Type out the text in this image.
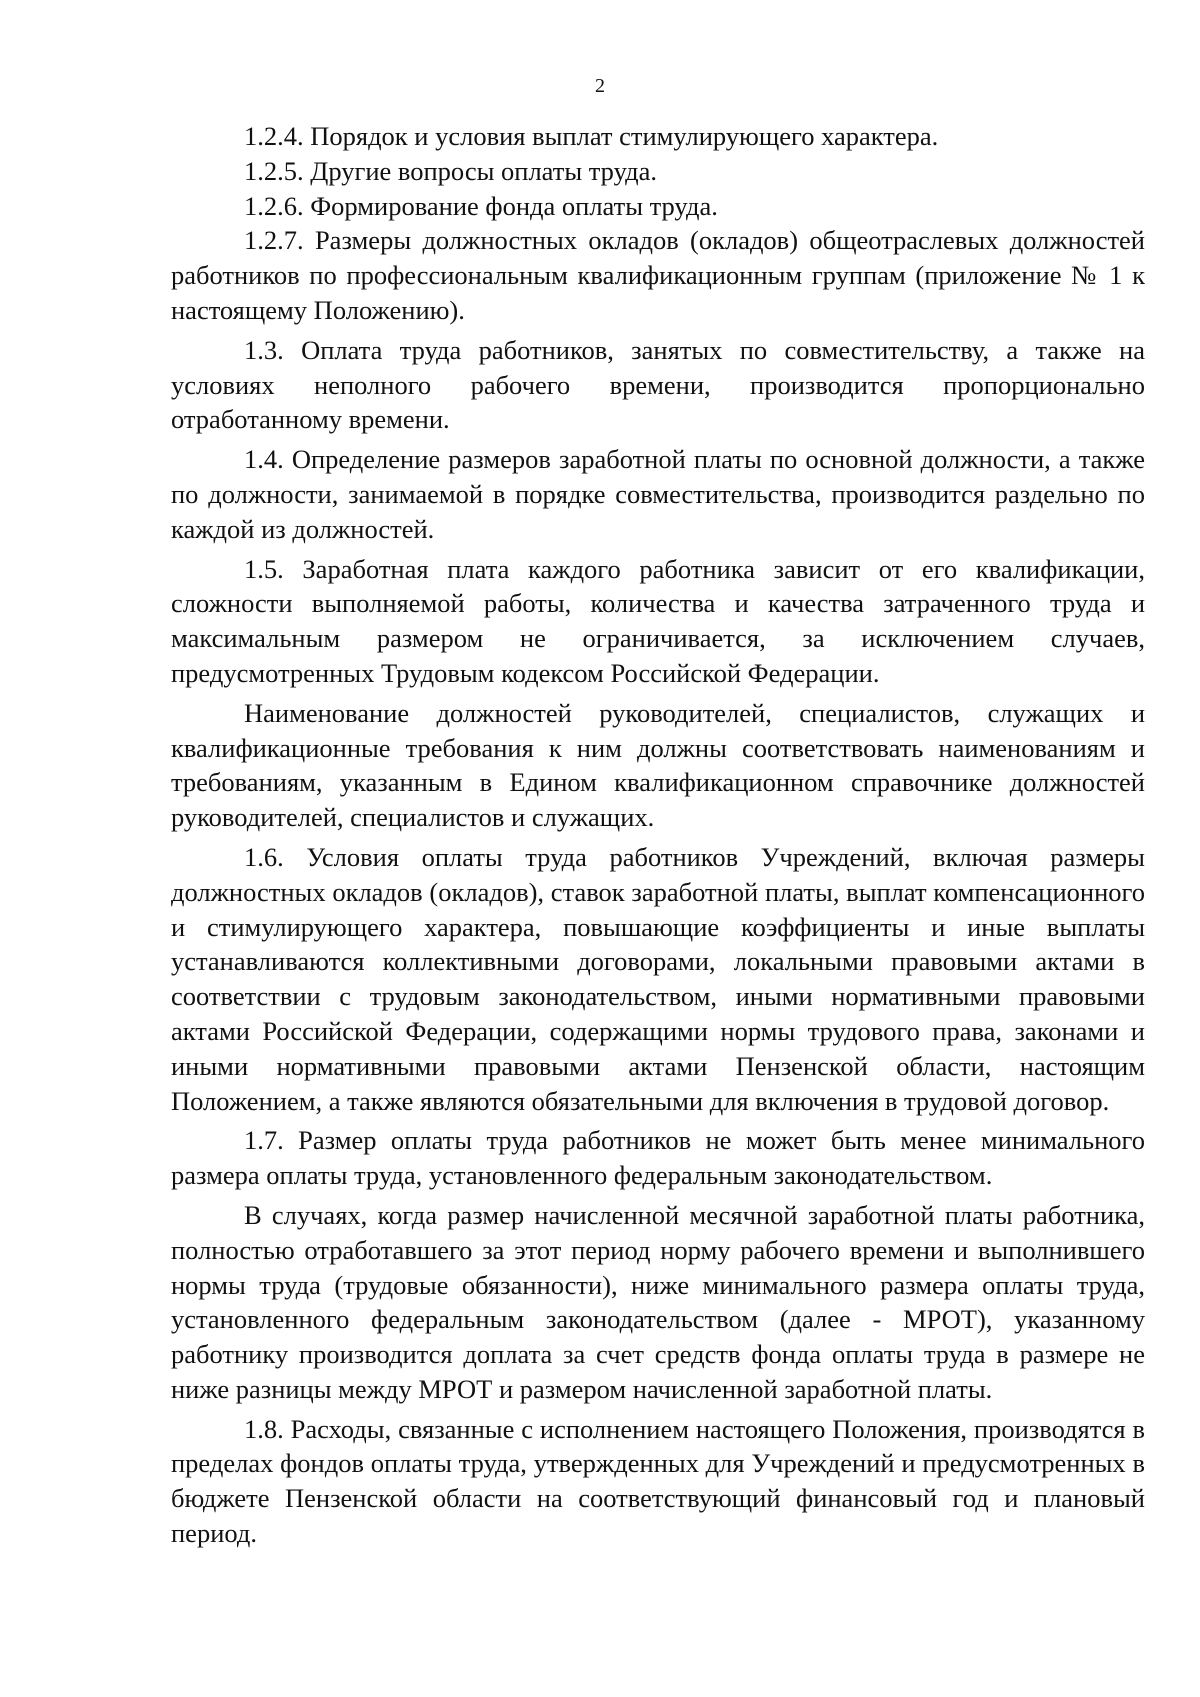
2

1.2.4. Порядок и условия выплат стимулирующего характера.

1.2.5. Другие вопросы оплаты труда.

1.2.6. Формирование фонда оплаты труда.

1.2.7. Размеры должностных окладов (окладов) общеотраслевых должностей работников по профессиональным квалификационным группам (приложение № 1 к настоящему Положению).

1.3. Оплата труда работников, занятых по совместительству, а также на условиях неполного рабочего времени, производится пропорционально отработанному времени.

1.4. Определение размеров заработной платы по основной должности, а также по должности, занимаемой в порядке совместительства, производится раздельно по каждой из должностей.

1.5. Заработная плата каждого работника зависит от его квалификации, сложности выполняемой работы, количества и качества затраченного труда и максимальным размером не ограничивается, за исключением случаев, предусмотренных Трудовым кодексом Российской Федерации.

Наименование должностей руководителей, специалистов, служащих и квалификационные требования к ним должны соответствовать наименованиям и требованиям, указанным в Едином квалификационном справочнике должностей руководителей, специалистов и служащих.

1.6. Условия оплаты труда работников Учреждений, включая размеры должностных окладов (окладов), ставок заработной платы, выплат компенсационного и стимулирующего характера, повышающие коэффициенты и иные выплаты устанавливаются коллективными договорами, локальными правовыми актами в соответствии с трудовым законодательством, иными нормативными правовыми актами Российской Федерации, содержащими нормы трудового права, законами и иными нормативными правовыми актами Пензенской области, настоящим Положением, а также являются обязательными для включения в трудовой договор.

1.7. Размер оплаты труда работников не может быть менее минимального размера оплаты труда, установленного федеральным законодательством.

В случаях, когда размер начисленной месячной заработной платы работника, полностью отработавшего за этот период норму рабочего времени и выполнившего нормы труда (трудовые обязанности), ниже минимального размера оплаты труда, установленного федеральным законодательством (далее - МРОТ), указанному работнику производится доплата за счет средств фонда оплаты труда в размере не ниже разницы между МРОТ и размером начисленной заработной платы.

1.8. Расходы, связанные с исполнением настоящего Положения, производятся в пределах фондов оплаты труда, утвержденных для Учреждений и предусмотренных в бюджете Пензенской области на соответствующий финансовый год и плановый период.
